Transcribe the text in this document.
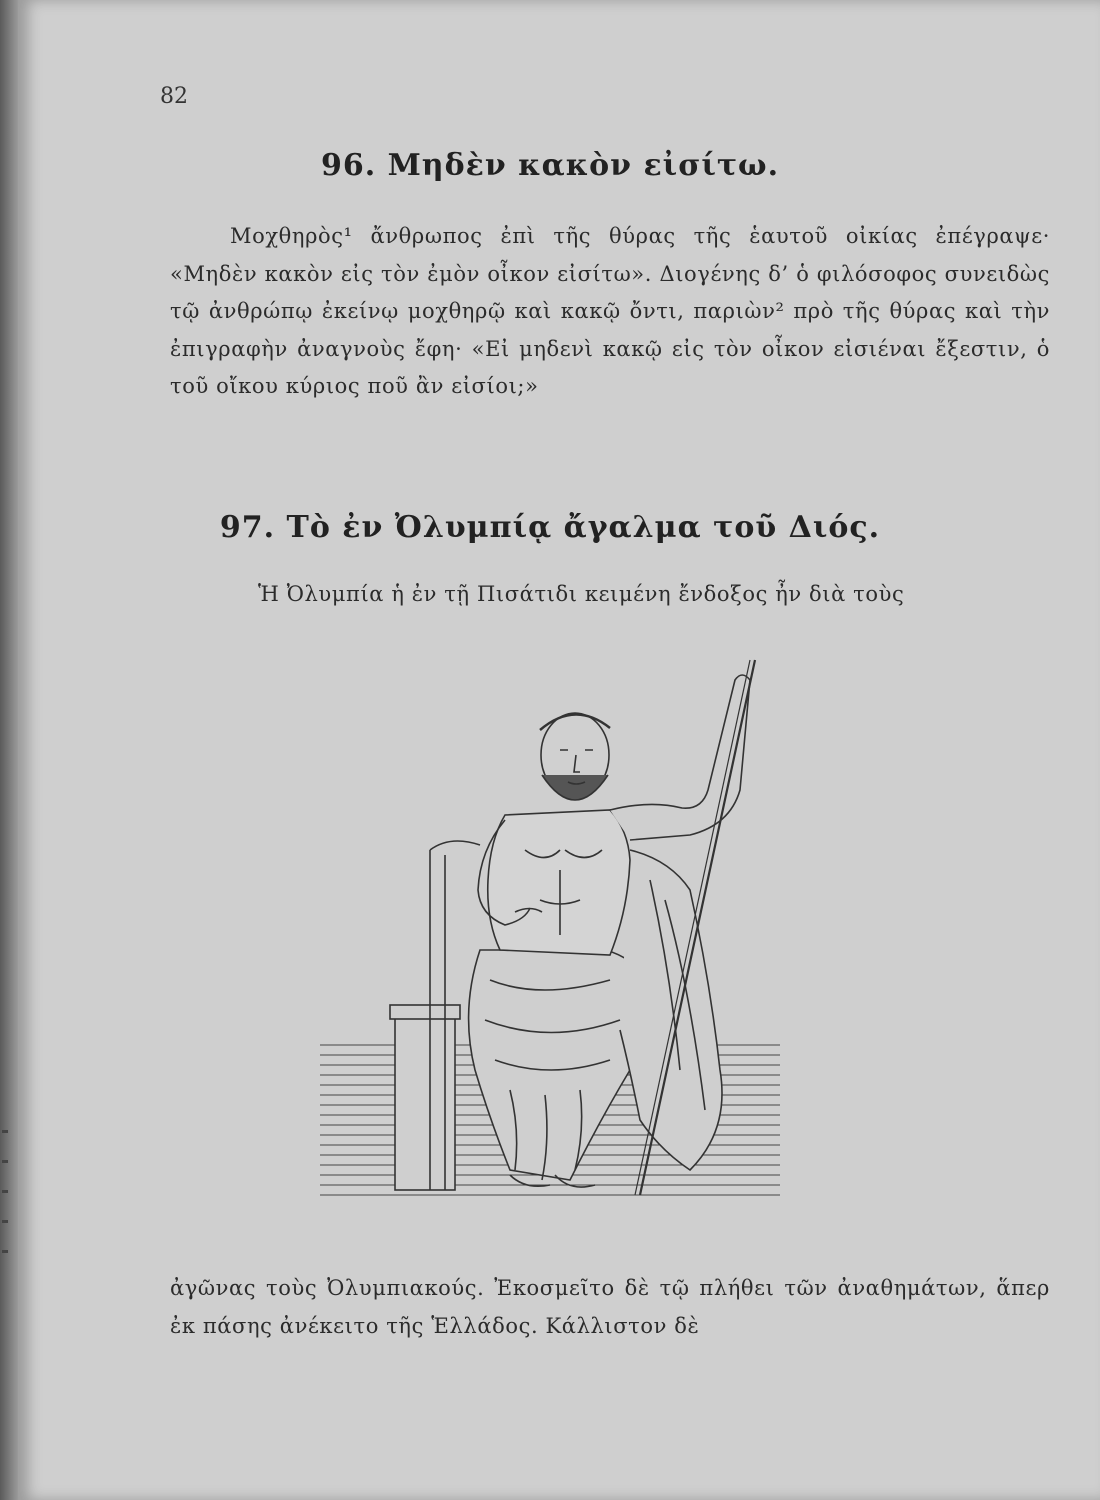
82
96. Μηδὲν κακὸν εἰσίτω.
Μοχθηρὸς¹ ἄνθρωπος ἐπὶ τῆς θύρας τῆς ἑαυτοῦ οἰκίας ἐπέγραψε· «Μηδὲν κακὸν εἰς τὸν ἐμὸν οἶκον εἰσίτω». Διογένης δ’ ὁ φιλόσοφος συνειδὼς τῷ ἀνθρώπῳ ἐκείνῳ μοχθηρῷ καὶ κακῷ ὄντι, παριὼν² πρὸ τῆς θύρας καὶ τὴν ἐπιγραφὴν ἀναγνοὺς ἔφη· «Εἰ μηδενὶ κακῷ εἰς τὸν οἶκον εἰσιέναι ἔξεστιν, ὁ τοῦ οἴκου κύριος ποῦ ἂν εἰσίοι;»
97. Τὸ ἐν Ὀλυμπίᾳ ἄγαλμα τοῦ Διός.
Ἡ Ὀλυμπία ἡ ἐν τῇ Πισάτιδι κειμένη ἔνδοξος ἦν διὰ τοὺς
ἀγῶνας τοὺς Ὀλυμπιακούς. Ἐκοσμεῖτο δὲ τῷ πλήθει τῶν ἀναθημάτων, ἅπερ ἐκ πάσης ἀνέκειτο τῆς Ἑλλάδος. Κάλλιστον δὲ
